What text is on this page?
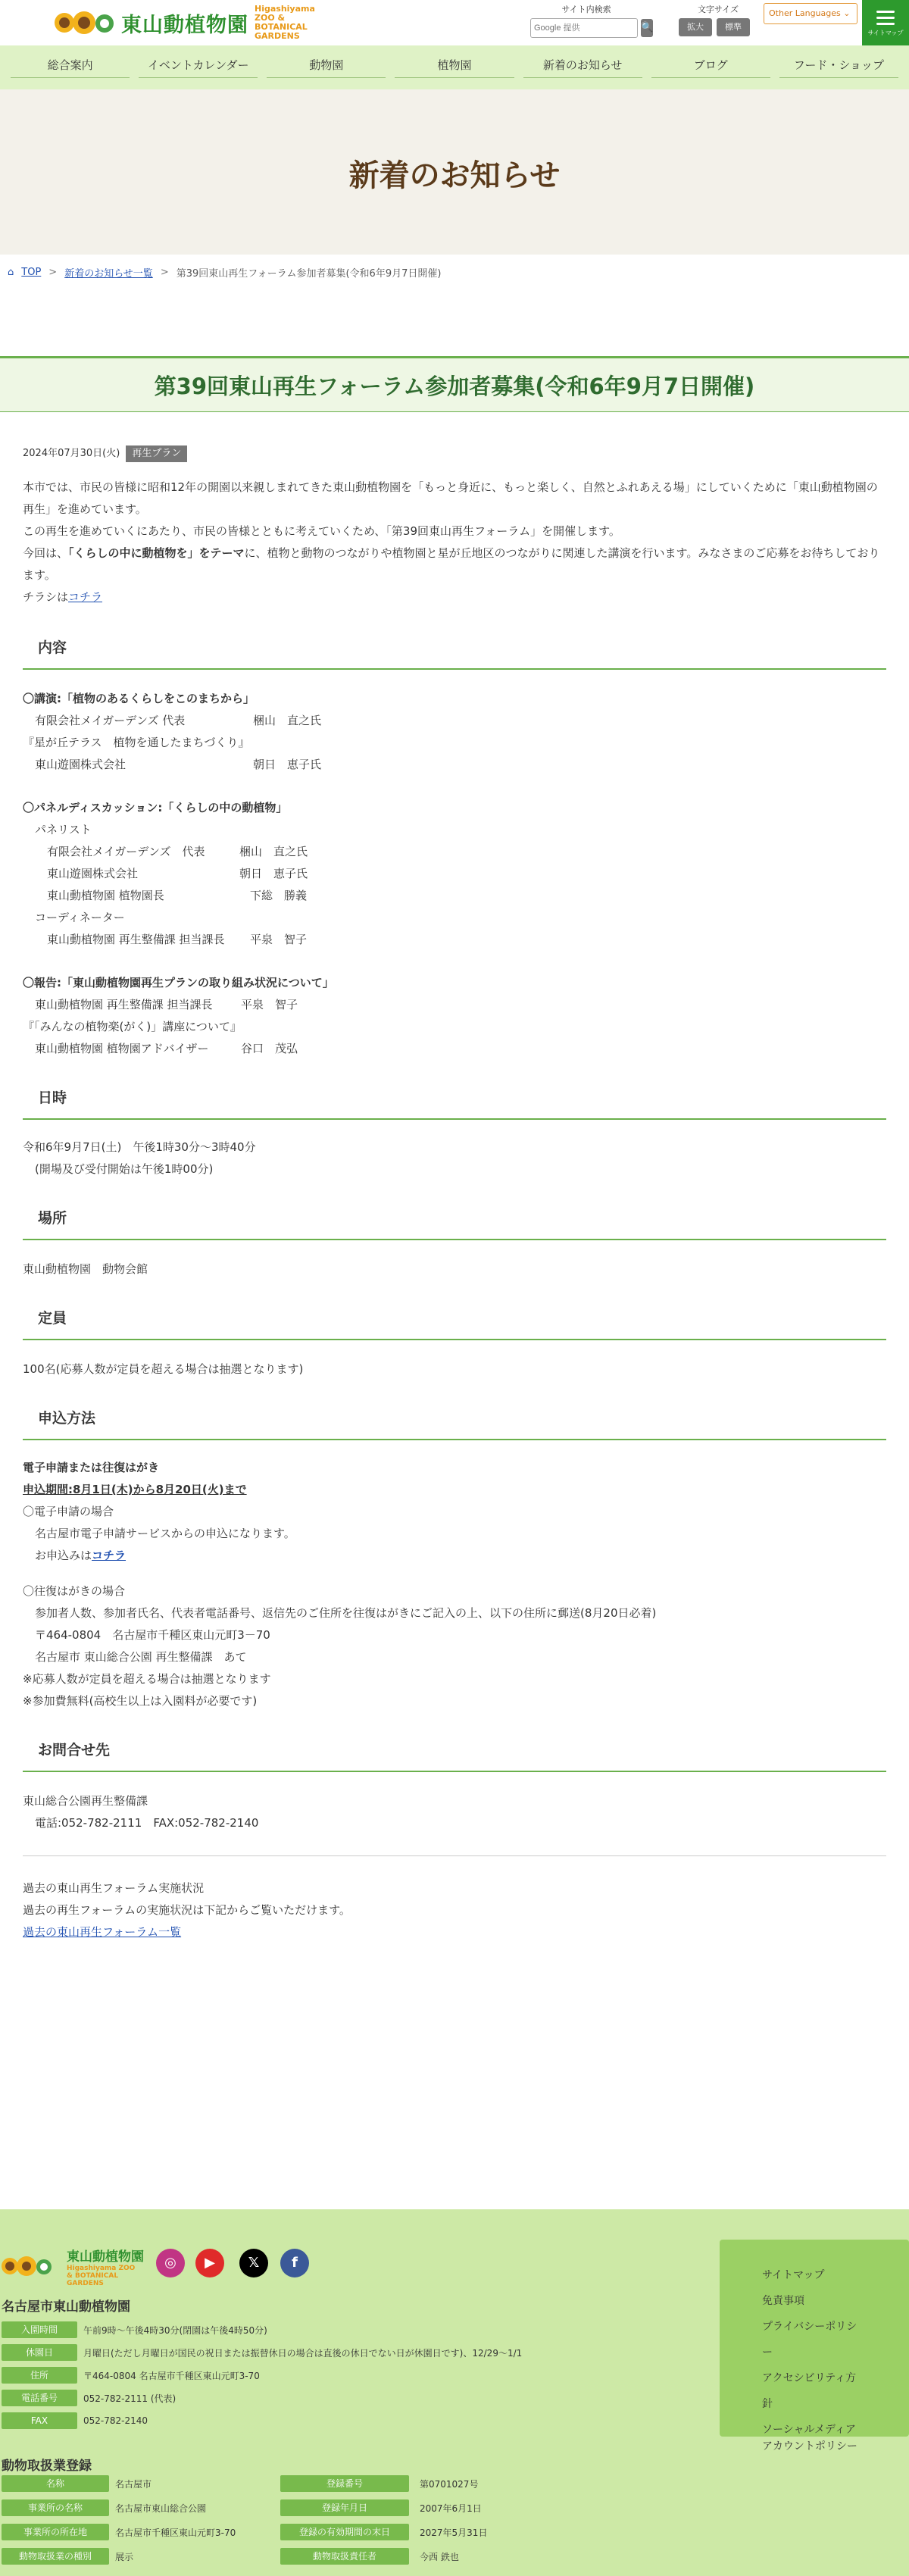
東山動植物園
Higashiyama ZOO & BOTANICAL GARDENS
サイト内検索
Google 提供
🔍
文字サイズ
拡大	標準
Other Languages ⌄
サイトマップ
総合案内	イベントカレンダー	動物園	植物園	新着のお知らせ	ブログ	フード・ショップ
新着のお知らせ
⌂ TOP > 新着のお知らせ一覧 > 第39回東山再生フォーラム参加者募集(令和6年9月7日開催)
第39回東山再生フォーラム参加者募集(令和6年9月7日開催)
2024年07月30日(火)	再生プラン
本市では、市民の皆様に昭和12年の開園以来親しまれてきた東山動植物園を「もっと身近に、もっと楽しく、自然とふれあえる場」にしていくために「東山動植物園の再生」を進めています。
この再生を進めていくにあたり、市民の皆様とともに考えていくため、「第39回東山再生フォーラム」を開催します。
今回は、「くらしの中に動植物を」をテーマに、植物と動物のつながりや植物園と星が丘地区のつながりに関連した講演を行います。みなさまのご応募をお待ちしております。
チラシはコチラ
内容
〇講演:「植物のあるくらしをこのまちから」
有限会社メイガーデンズ 代表	梱山　直之氏
『星が丘テラス　植物を通したまちづくり』
東山遊園株式会社	朝日　恵子氏
〇パネルディスカッション:「くらしの中の動植物」
パネリスト
有限会社メイガーデンズ　代表	梱山　直之氏
東山遊園株式会社	朝日　恵子氏
東山動植物園 植物園長	下総　勝義
コーディネーター
東山動植物園 再生整備課 担当課長 平泉　智子
〇報告:「東山動植物園再生プランの取り組み状況について」
東山動植物園 再生整備課 担当課長 平泉　智子
『「みんなの植物楽(がく)」講座について』
東山動植物園 植物園アドバイザー	谷口　茂弘
日時
令和6年9月7日(土)　午後1時30分～3時40分
(開場及び受付開始は午後1時00分)
場所
東山動植物園　動物会館
定員
100名(応募人数が定員を超える場合は抽選となります)
申込方法
電子申請または往復はがき
申込期間:8月1日(木)から8月20日(火)まで
〇電子申請の場合
名古屋市電子申請サービスからの申込になります。
お申込みはコチラ
〇往復はがきの場合
参加者人数、参加者氏名、代表者電話番号、返信先のご住所を往復はがきにご記入の上、以下の住所に郵送(8月20日必着)
〒464-0804　名古屋市千種区東山元町3－70
名古屋市 東山総合公園 再生整備課　あて
※応募人数が定員を超える場合は抽選となります
※参加費無料(高校生以上は入園料が必要です)
お問合せ先
東山総合公園再生整備課
電話:052-782-2111　FAX:052-782-2140
過去の東山再生フォーラム実施状況
過去の再生フォーラムの実施状況は下記からご覧いただけます。
過去の東山再生フォーラム一覧
東山動植物園
Higashiyama ZOO & BOTANICAL GARDENS
◎	▶	𝕏	f
名古屋市東山動植物園
入園時間	午前9時～午後4時30分(閉園は午後4時50分)
休園日	月曜日(ただし月曜日が国民の祝日または振替休日の場合は直後の休日でない日が休園日です)、12/29～1/1
住所	〒464-0804 名古屋市千種区東山元町3-70
電話番号	052-782-2111 (代表)
FAX	052-782-2140
サイトマップ
免責事項
プライバシーポリシー
アクセシビリティ方針
ソーシャルメディア
アカウントポリシー
動物取扱業登録
名称	名古屋市	登録番号	第0701027号
事業所の名称	名古屋市東山総合公園	登録年月日	2007年6月1日
事業所の所在地	名古屋市千種区東山元町3-70	登録の有効期間の末日	2027年5月31日
動物取扱業の種別	展示	動物取扱責任者	今西 鉄也
